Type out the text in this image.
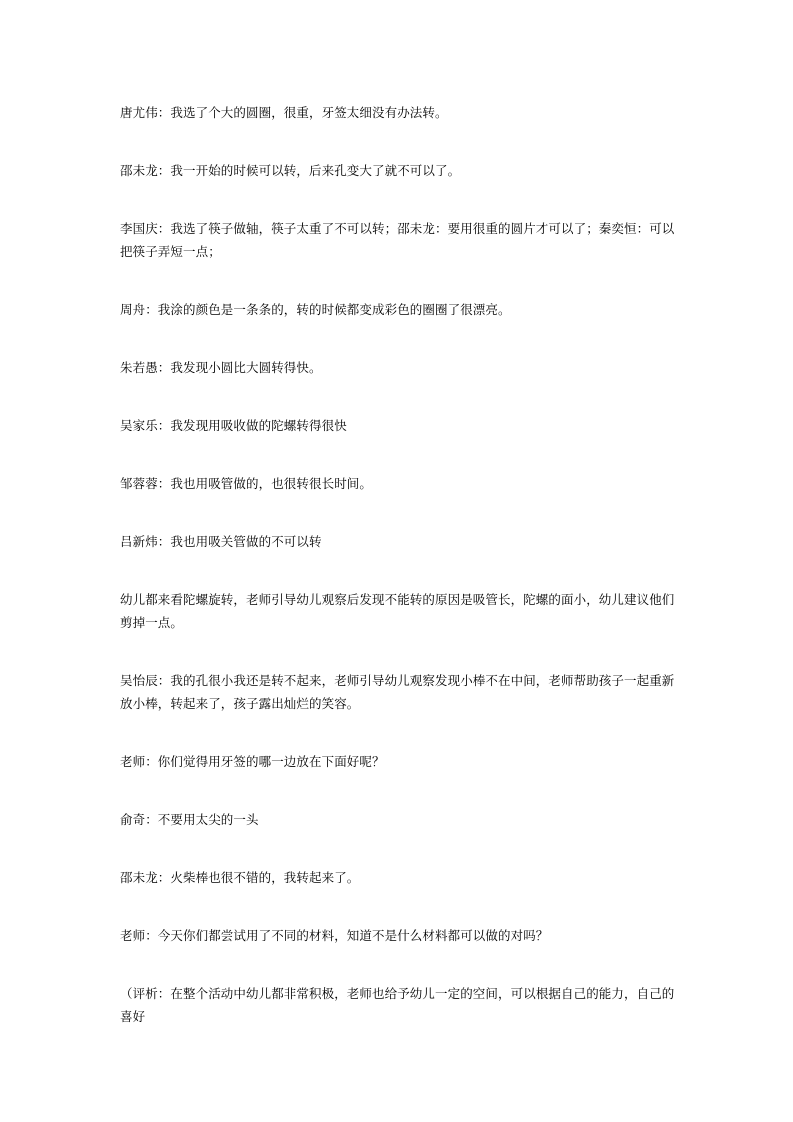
唐尤伟：我选了个大的圆圈，很重，牙签太细没有办法转。

邵未龙：我一开始的时候可以转，后来孔变大了就不可以了。

李国庆：我选了筷子做轴，筷子太重了不可以转；邵未龙：要用很重的圆片才可以了；秦奕恒：可以把筷子弄短一点；

周舟：我涂的颜色是一条条的，转的时候都变成彩色的圈圈了很漂亮。

朱若愚：我发现小圆比大圆转得快。

吴家乐：我发现用吸收做的陀螺转得很快

邹蓉蓉：我也用吸管做的，也很转很长时间。

吕新炜：我也用吸关管做的不可以转

幼儿都来看陀螺旋转，老师引导幼儿观察后发现不能转的原因是吸管长，陀螺的面小，幼儿建议他们剪掉一点。

吴怡辰：我的孔很小我还是转不起来，老师引导幼儿观察发现小棒不在中间，老师帮助孩子一起重新放小棒，转起来了，孩子露出灿烂的笑容。

老师：你们觉得用牙签的哪一边放在下面好呢？

俞奇：不要用太尖的一头

邵未龙：火柴棒也很不错的，我转起来了。

老师：今天你们都尝试用了不同的材料，知道不是什么材料都可以做的对吗？

（评析：在整个活动中幼儿都非常积极，老师也给予幼儿一定的空间，可以根据自己的能力，自己的喜好
